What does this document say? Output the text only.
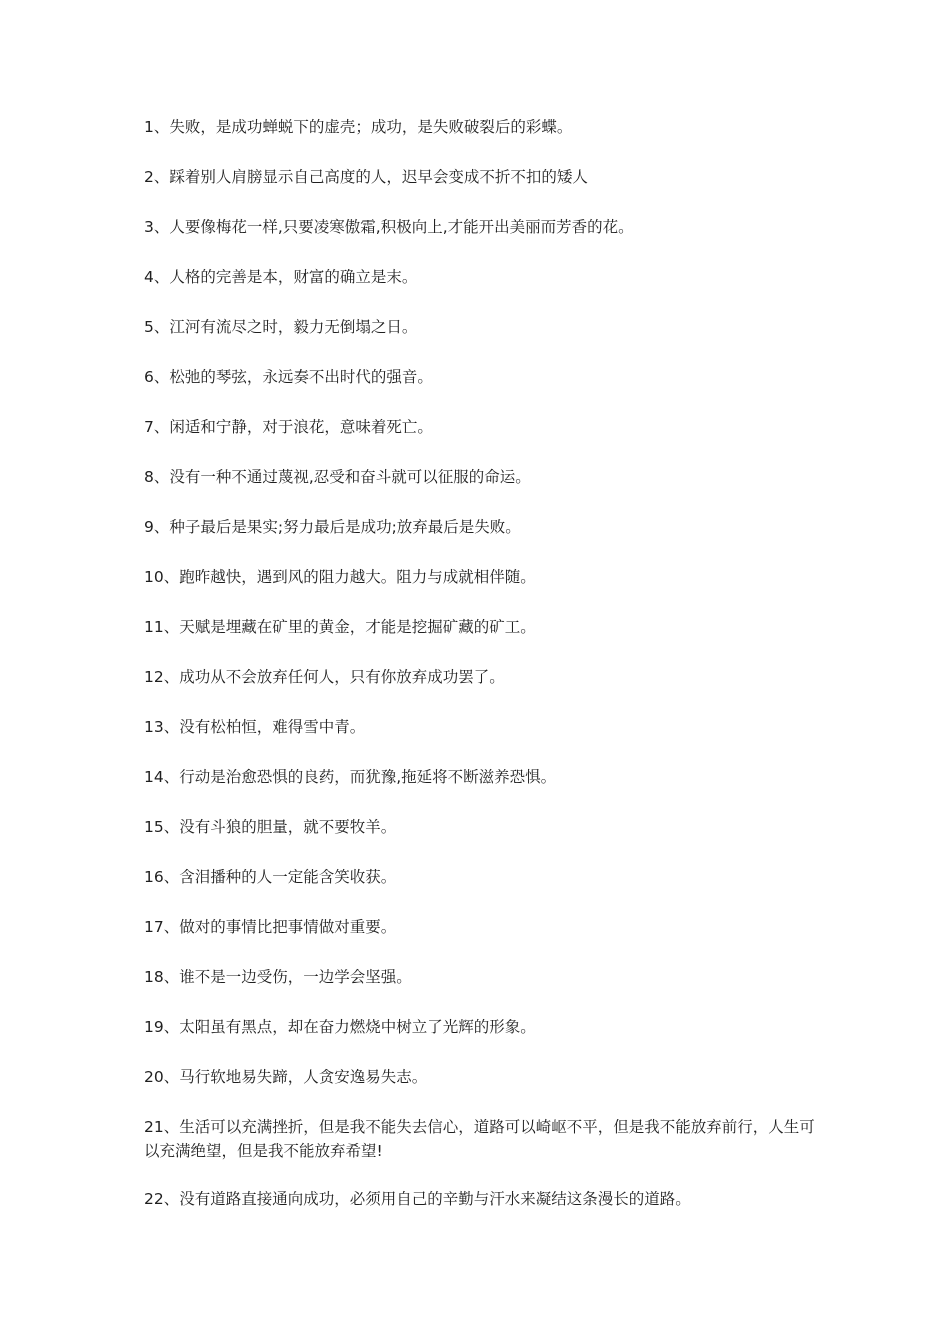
1、失败，是成功蝉蜕下的虚壳；成功，是失败破裂后的彩蝶。
2、踩着别人肩膀显示自己高度的人，迟早会变成不折不扣的矮人
3、人要像梅花一样,只要凌寒傲霜,积极向上,才能开出美丽而芳香的花。
4、人格的完善是本，财富的确立是末。
5、江河有流尽之时，毅力无倒塌之日。
6、松弛的琴弦，永远奏不出时代的强音。
7、闲适和宁静，对于浪花，意味着死亡。
8、没有一种不通过蔑视,忍受和奋斗就可以征服的命运。
9、种子最后是果实;努力最后是成功;放弃最后是失败。
10、跑昨越快，遇到风的阻力越大。阻力与成就相伴随。
11、天赋是埋藏在矿里的黄金，才能是挖掘矿藏的矿工。
12、成功从不会放弃任何人，只有你放弃成功罢了。
13、没有松柏恒，难得雪中青。
14、行动是治愈恐惧的良药，而犹豫,拖延将不断滋养恐惧。
15、没有斗狼的胆量，就不要牧羊。
16、含泪播种的人一定能含笑收获。
17、做对的事情比把事情做对重要。
18、谁不是一边受伤，一边学会坚强。
19、太阳虽有黑点，却在奋力燃烧中树立了光辉的形象。
20、马行软地易失蹄，人贪安逸易失志。
21、生活可以充满挫折，但是我不能失去信心，道路可以崎岖不平，但是我不能放弃前行，人生可以充满绝望，但是我不能放弃希望!
22、没有道路直接通向成功，必须用自己的辛勤与汗水来凝结这条漫长的道路。
